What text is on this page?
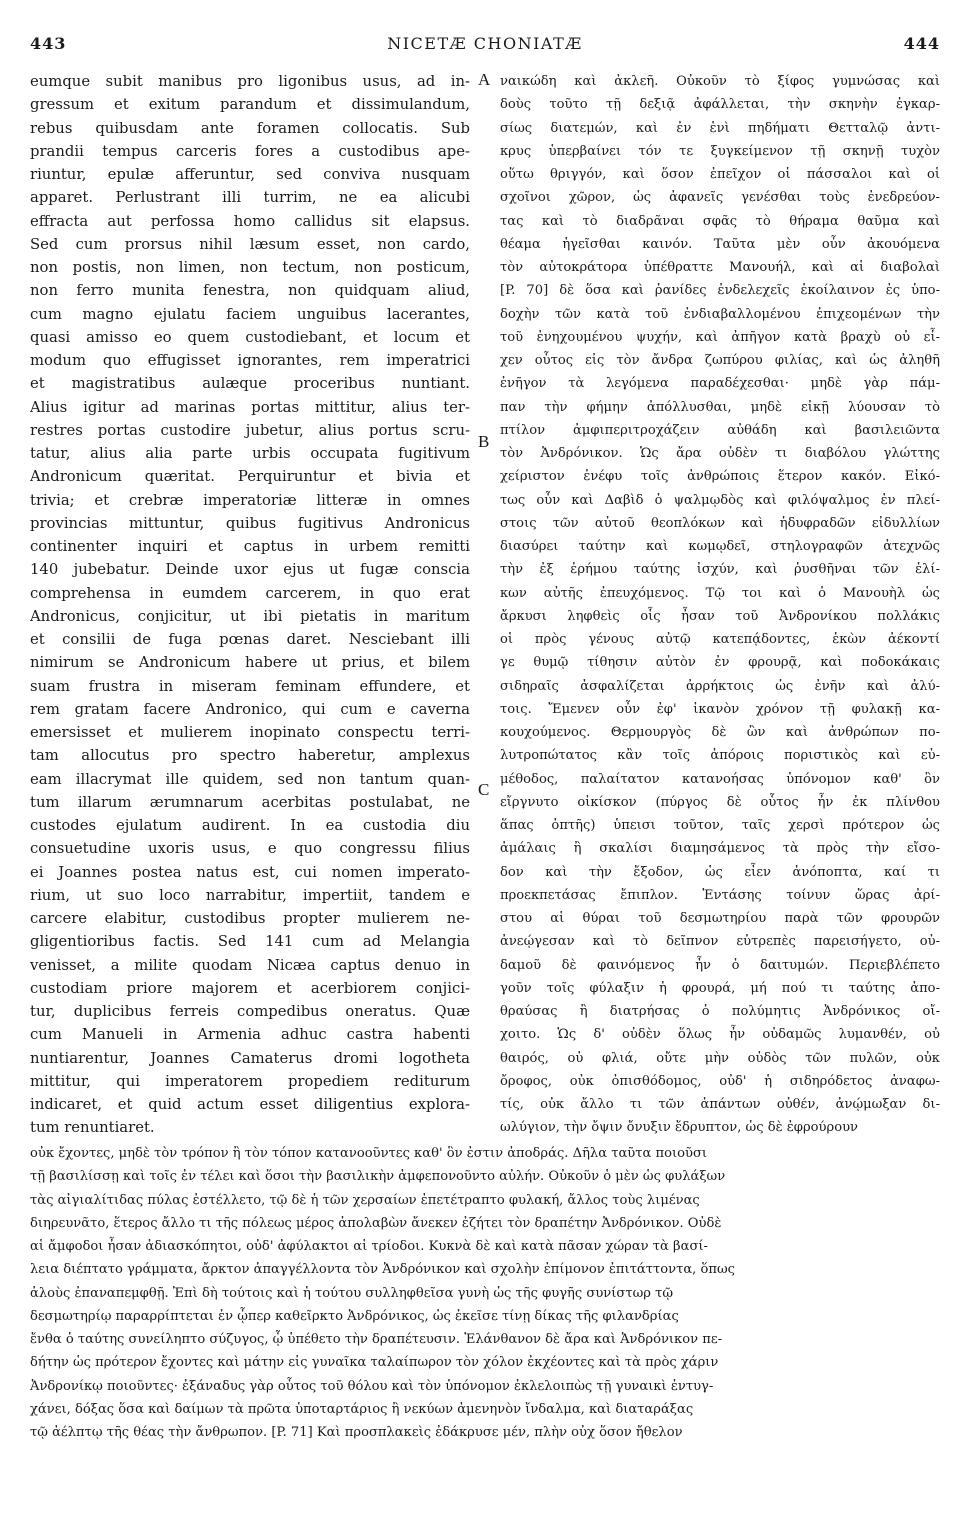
443	NICETÆ CHONIATÆ	444
eumque subit manibus pro ligonibus usus, ad in-
gressum et exitum parandum et dissimulandum,
rebus quibusdam ante foramen collocatis. Sub
prandii tempus carceris fores a custodibus ape-
riuntur, epulæ afferuntur, sed conviva nusquam
apparet. Perlustrant illi turrim, ne ea alicubi
effracta aut perfossa homo callidus sit elapsus.
Sed cum prorsus nihil læsum esset, non cardo,
non postis, non limen, non tectum, non posticum,
non ferro munita fenestra, non quidquam aliud,
cum magno ejulatu faciem unguibus lacerantes,
quasi amisso eo quem custodiebant, et locum et
modum quo effugisset ignorantes, rem imperatrici
et magistratibus aulæque proceribus nuntiant.
Alius igitur ad marinas portas mittitur, alius ter-
restres portas custodire jubetur, alius portus scru-
tatur, alius alia parte urbis occupata fugitivum
Andronicum quæritat. Perquiruntur et bivia et
trivia; et crebræ imperatoriæ litteræ in omnes
provincias mittuntur, quibus fugitivus Andronicus
continenter inquiri et captus in urbem remitti
140 jubebatur. Deinde uxor ejus ut fugæ conscia
comprehensa in eumdem carcerem, in quo erat
Andronicus, conjicitur, ut ibi pietatis in maritum
et consilii de fuga pœnas daret. Nesciebant illi
nimirum se Andronicum habere ut prius, et bilem
suam frustra in miseram feminam effundere, et
rem gratam facere Andronico, qui cum e caverna
emersisset et mulierem inopinato conspectu terri-
tam allocutus pro spectro haberetur, amplexus
eam illacrymat ille quidem, sed non tantum quan-
tum illarum ærumnarum acerbitas postulabat, ne
custodes ejulatum audirent. In ea custodia diu
consuetudine uxoris usus, e quo congressu filius
ei Joannes postea natus est, cui nomen imperato-
rium, ut suo loco narrabitur, impertiit, tandem e
carcere elabitur, custodibus propter mulierem ne-
gligentioribus factis. Sed 141 cum ad Melangia
venisset, a milite quodam Nicæa captus denuo in
custodiam priore majorem et acerbiorem conjici-
tur, duplicibus ferreis compedibus oneratus. Quæ
cum Manueli in Armenia adhuc castra habenti
nuntiarentur, Joannes Camaterus dromi logotheta
mittitur, qui imperatorem propediem rediturum
indicaret, et quid actum esset diligentius explora-
tum renuntiaret.
ναικώδη καὶ ἀκλεῆ. Οὐκοῦν τὸ ξίφος γυμνώσας καὶ
δοὺς τοῦτο τῇ δεξιᾷ ἀφάλλεται, τὴν σκηνὴν ἐγκαρ-
σίως διατεμών, καὶ ἐν ἑνὶ πηδήματι Θετταλῷ ἀντι-
κρυς ὑπερβαίνει τόν τε ξυγκείμενον τῇ σκηνῇ τυχὸν
οὕτω θριγγόν, καὶ ὅσον ἐπεῖχον οἱ πάσσαλοι καὶ οἱ
σχοῖνοι χῶρον, ὡς ἀφανεῖς γενέσθαι τοὺς ἐνεδρεύον-
τας καὶ τὸ διαδρᾶναι σφᾶς τὸ θήραμα θαῦμα καὶ
θέαμα ἡγεῖσθαι καινόν. Ταῦτα μὲν οὖν ἀκουόμενα
τὸν αὐτοκράτορα ὑπέθραττε Μανουήλ, καὶ αἱ διαβολαὶ
[P. 70] δὲ ὅσα καὶ ῥανίδες ἐνδελεχεῖς ἐκοίλαινον ἐς ὑπο-
δοχὴν τῶν κατὰ τοῦ ἐνδιαβαλλομένου ἐπιχεομένων τὴν
τοῦ ἐνηχουμένου ψυχήν, καὶ ἀπῆγον κατὰ βραχὺ οὐ εἶ-
χεν οὗτος εἰς τὸν ἄνδρα ζωπύρου φιλίας, καὶ ὡς ἀληθῆ
ἐνῆγον τὰ λεγόμενα παραδέχεσθαι· μηδὲ γὰρ πάμ-
παν τὴν φήμην ἀπόλλυσθαι, μηδὲ εἰκῇ λύουσαν τὸ
πτίλον ἀμφιπεριτροχάζειν αὐθάδη καὶ βασιλειῶντα
τὸν Ἀνδρόνικον. Ὡς ἄρα οὐδὲν τι διαβόλου γλώττης
χείριστον ἐνέφυ τοῖς ἀνθρώποις ἕτερον κακόν. Εἰκό-
τως οὖν καὶ Δαβὶδ ὁ ψαλμῳδὸς καὶ φιλόψαλμος ἐν πλεί-
στοις τῶν αὐτοῦ θεοπλόκων καὶ ἡδυφραδῶν εἰδυλλίων
διασύρει ταύτην καὶ κωμῳδεῖ, στηλογραφῶν ἀτεχνῶς
τὴν ἐξ ἐρήμου ταύτης ἰσχύν, καὶ ῥυσθῆναι τῶν ἑλί-
κων αὐτῆς ἐπευχόμενος. Τῷ τοι καὶ ὁ Μανουὴλ ὡς
ἄρκυσι ληφθεὶς οἷς ἦσαν τοῦ Ἀνδρονίκου πολλάκις
οἱ πρὸς γένους αὐτῷ κατεπᾴδοντες, ἑκὼν ἀέκοντί
γε θυμῷ τίθησιν αὐτὸν ἐν φρουρᾷ, καὶ ποδοκάκαις
σιδηραῖς ἀσφαλίζεται ἀρρήκτοις ὡς ἐνῆν καὶ ἀλύ-
τοις. Ἔμενεν οὖν ἐφ' ἱκανὸν χρόνον τῇ φυλακῇ κα-
κουχούμενος. Θερμουργὸς δὲ ὢν καὶ ἀνθρώπων πο-
λυτροπώτατος κἂν τοῖς ἀπόροις ποριστικὸς καὶ εὐ-
μέθοδος, παλαίτατον κατανοήσας ὑπόνομον καθ' ὃν
εἴργνυτο οἰκίσκον (πύργος δὲ οὗτος ἦν ἐκ πλίνθου
ἅπας ὀπτῆς) ὑπεισι τοῦτον, ταῖς χερσὶ πρότερον ὡς
ἀμάλαις ἢ σκαλίσι διαμησάμενος τὰ πρὸς τὴν εἴσο-
δον καὶ τὴν ἔξοδον, ὡς εἶεν ἀνόποπτα, καί τι
προεκπετάσας ἔπιπλον. Ἐντάσης τοίνυν ὥρας ἀρί-
στου αἱ θύραι τοῦ δεσμωτηρίου παρὰ τῶν φρουρῶν
ἀνεῴγεσαν καὶ τὸ δεῖπνον εὐτρεπὲς παρεισήγετο, οὐ-
δαμοῦ δὲ φαινόμενος ἦν ὁ δαιτυμών. Περιεβλέπετο
γοῦν τοῖς φύλαξιν ἡ φρουρά, μή πού τι ταύτης ἀπο-
θραύσας ἢ διατρήσας ὁ πολύμητις Ἀνδρόνικος οἴ-
χοιτο. Ὡς δ' οὐδὲν ὅλως ἦν οὐδαμῶς λυμανθέν, οὐ
θαιρός, οὐ φλιά, οὔτε μὴν οὐδὸς τῶν πυλῶν, οὐκ
ὄροφος, οὐκ ὀπισθόδομος, οὐδ' ἡ σιδηρόδετος ἀναφω-
τίς, οὐκ ἄλλο τι τῶν ἁπάντων οὐθέν, ἀνῴμωξαν δι-
ωλύγιον, τὴν ὄψιν ὄνυξιν ἔδρυπτον, ὡς δὲ ἐφρούρουν
A
B
C
οὐκ ἔχοντες, μηδὲ τὸν τρόπον ἢ τὸν τόπον κατανοοῦντες καθ' ὃν ἐστιν ἀποδράς. Δῆλα ταῦτα ποιοῦσι
τῇ βασιλίσσῃ καὶ τοῖς ἐν τέλει καὶ ὅσοι τὴν βασιλικὴν ἀμφεπονοῦντο αὐλήν. Οὐκοῦν ὁ μὲν ὡς φυλάξων
τὰς αἰγιαλίτιδας πύλας ἐστέλλετο, τῷ δὲ ἡ τῶν χερσαίων ἐπετέτραπτο φυλακή, ἄλλος τοὺς λιμένας
διηρευνᾶτο, ἕτερος ἄλλο τι τῆς πόλεως μέρος ἀπολαβὼν ἄνεκεν ἐζήτει τὸν δραπέτην Ἀνδρόνικον. Οὐδὲ
αἱ ἄμφοδοι ἦσαν ἀδιασκόπητοι, οὐδ' ἀφύλακτοι αἱ τρίοδοι. Κυκνὰ δὲ καὶ κατὰ πᾶσαν χώραν τὰ βασί-
λεια διέπτατο γράμματα, ἄρκτον ἀπαγγέλλοντα τὸν Ἀνδρόνικον καὶ σχολὴν ἐπίμονον ἐπιτάττοντα, ὅπως
ἀλοὺς ἐπαναπεμφθῇ. Ἐπὶ δὴ τούτοις καὶ ἡ τούτου συλληφθεῖσα γυνὴ ὡς τῆς φυγῆς συνίστωρ τῷ
δεσμωτηρίῳ παραρρίπτεται ἐν ᾧπερ καθεῖρκτο Ἀνδρόνικος, ὡς ἐκεῖσε τίνῃ δίκας τῆς φιλανδρίας
ἔνθα ὁ ταύτης συνείληπτο σύζυγος, ᾧ ὑπέθετο τὴν δραπέτευσιν. Ἐλάνθανον δὲ ἄρα καὶ Ἀνδρόνικον πε-
δήτην ὡς πρότερον ἔχοντες καὶ μάτην εἰς γυναῖκα ταλαίπωρον τὸν χόλον ἐκχέοντες καὶ τὰ πρὸς χάριν
Ἀνδρονίκῳ ποιοῦντες· ἐξάναδυς γὰρ οὗτος τοῦ θόλου καὶ τὸν ὑπόνομον ἐκλελοιπὼς τῇ γυναικὶ ἐντυγ-
χάνει, δόξας ὅσα καὶ δαίμων τὰ πρῶτα ὑποταρτάριος ἢ νεκύων ἀμενηνὸν ἴνδαλμα, καὶ διαταράξας
τῷ ἀέλπτῳ τῆς θέας τὴν ἄνθρωπον. [P. 71] Καὶ προσπλακεὶς ἐδάκρυσε μέν, πλὴν οὐχ ὅσον ἤθελον
